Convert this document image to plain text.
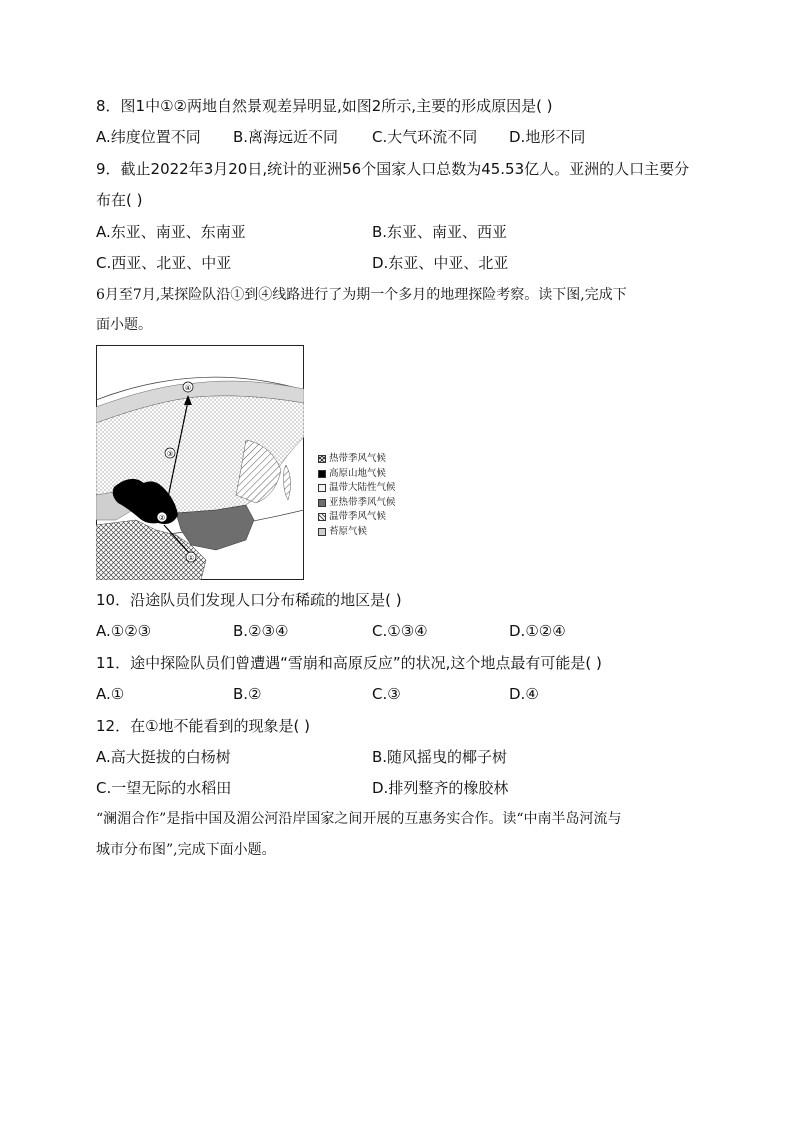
8．图1中①②两地自然景观差异明显,如图2所示,主要的形成原因是( )
A.纬度位置不同 B.离海远近不同 C.大气环流不同 D.地形不同
9．截止2022年3月20日,统计的亚洲56个国家人口总数为45.53亿人。亚洲的人口主要分
布在( )
A.东亚、南亚、东南亚	B.东亚、南亚、西亚
C.西亚、北亚、中亚	D.东亚、中亚、北亚
6月至7月,某探险队沿①到④线路进行了为期一个多月的地理探险考察。读下图,完成下
面小题。
①
②
③
④
热带季风气候
高原山地气候
温带大陆性气候
亚热带季风气候
温带季风气候
苔原气候
10．沿途队员们发现人口分布稀疏的地区是( )
A.①②③	B.②③④	C.①③④	D.①②④
11．途中探险队员们曾遭遇“雪崩和高原反应”的状况,这个地点最有可能是( )
A.①	B.②	C.③	D.④
12．在①地不能看到的现象是( )
A.高大挺拔的白杨树	B.随风摇曳的椰子树
C.一望无际的水稻田	D.排列整齐的橡胶林
“澜湄合作”是指中国及湄公河沿岸国家之间开展的互惠务实合作。读“中南半岛河流与
城市分布图”,完成下面小题。
